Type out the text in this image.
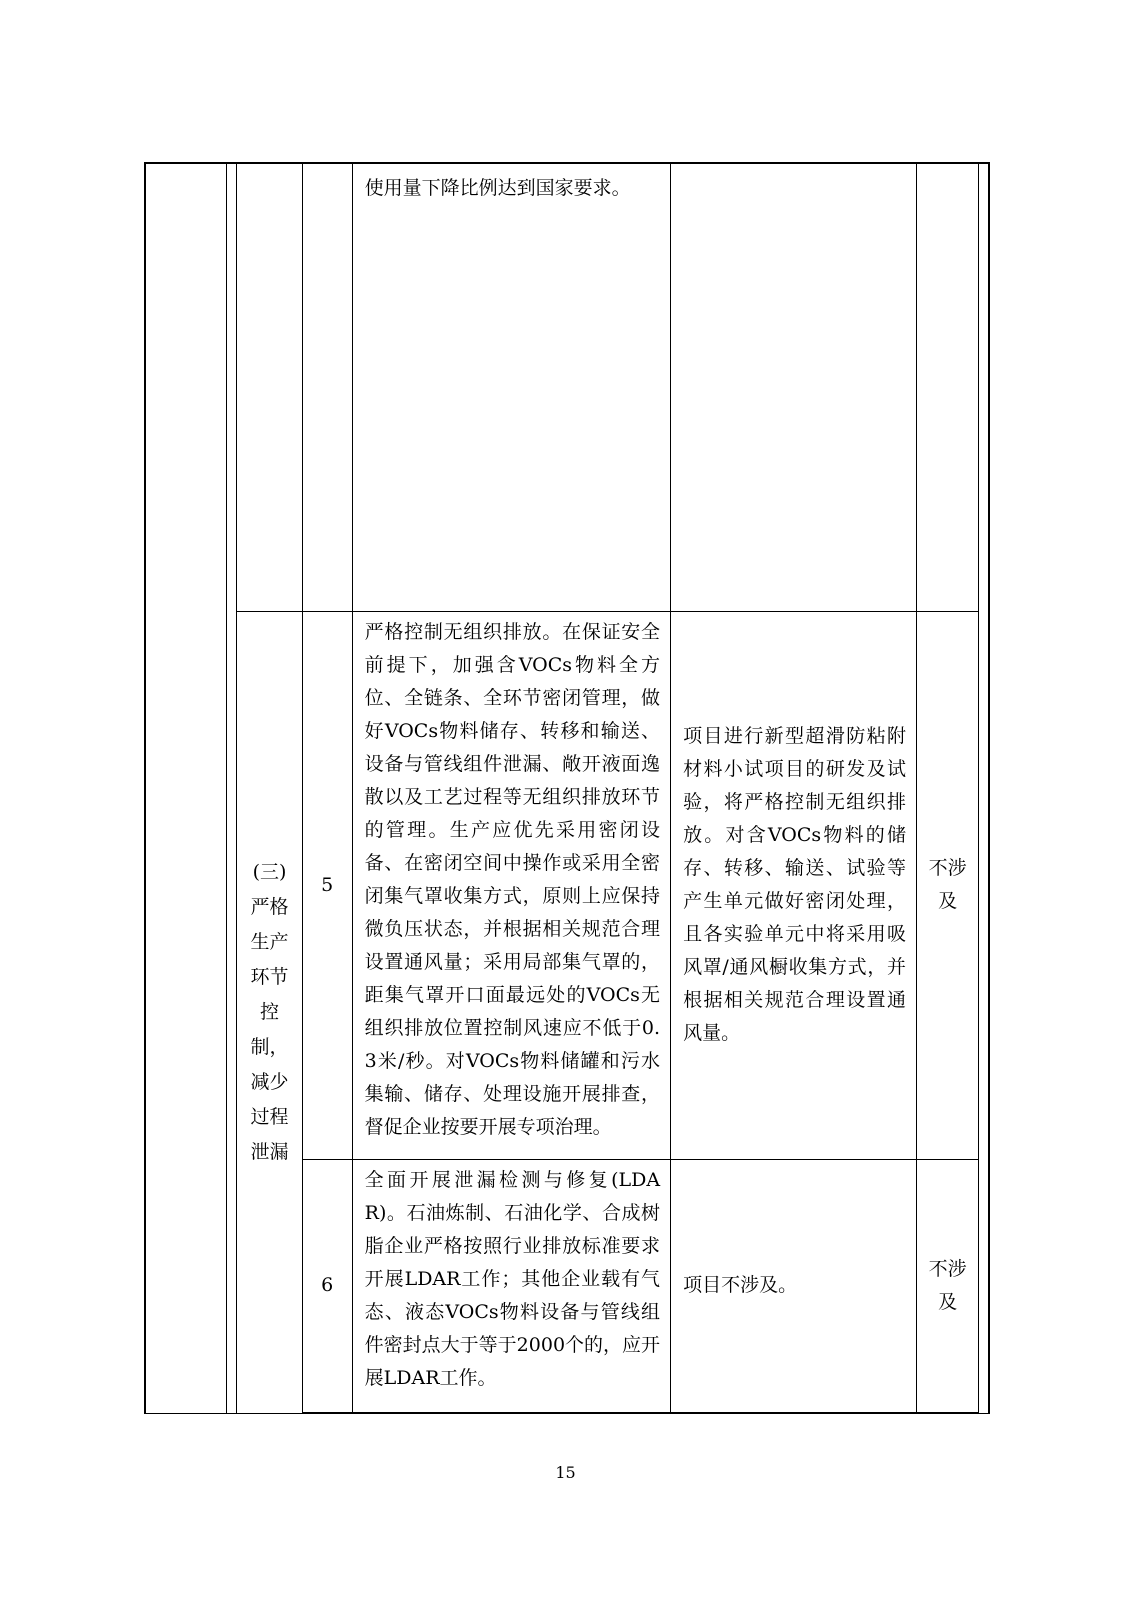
				使用量下降比例达到国家要求。			
		(三)严格生产环节控制，减少过程泄漏	5	严格控制无组织排放。在保证安全前提下，加强含VOCs物料全方位、全链条、全环节密闭管理，做好VOCs物料储存、转移和输送、设备与管线组件泄漏、敞开液面逸散以及工艺过程等无组织排放环节的管理。生产应优先采用密闭设备、在密闭空间中操作或采用全密闭集气罩收集方式，原则上应保持微负压状态，并根据相关规范合理设置通风量；采用局部集气罩的，距集气罩开口面最远处的VOCs无组织排放位置控制风速应不低于0.3米/秒。对VOCs物料储罐和污水集输、储存、处理设施开展排查，督促企业按要开展专项治理。	项目进行新型超滑防粘附材料小试项目的研发及试验，将严格控制无组织排放。对含VOCs物料的储存、转移、输送、试验等产生单元做好密闭处理，且各实验单元中将采用吸风罩/通风橱收集方式，并根据相关规范合理设置通风量。	不涉及	
			6	全面开展泄漏检测与修复(LDAR)。石油炼制、石油化学、合成树脂企业严格按照行业排放标准要求开展LDAR工作；其他企业载有气态、液态VOCs物料设备与管线组件密封点大于等于2000个的，应开展LDAR工作。	项目不涉及。	不涉及	
15
